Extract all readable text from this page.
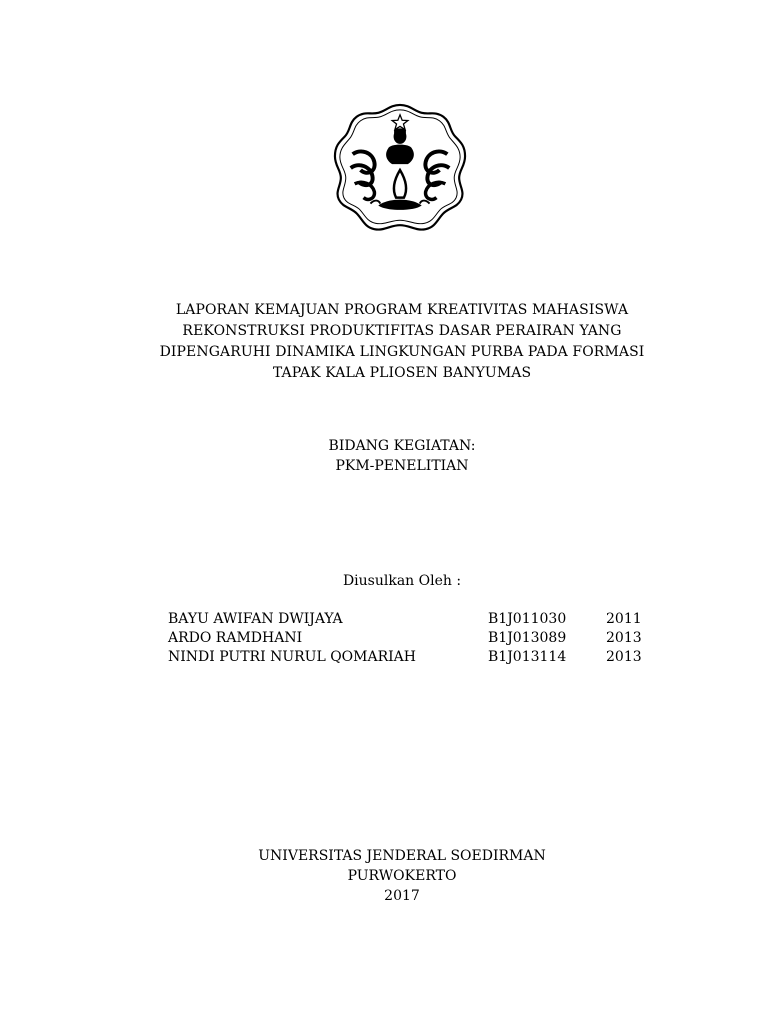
LAPORAN KEMAJUAN PROGRAM KREATIVITAS MAHASISWA
REKONSTRUKSI PRODUKTIFITAS DASAR PERAIRAN YANG
DIPENGARUHI DINAMIKA LINGKUNGAN PURBA PADA FORMASI
TAPAK KALA PLIOSEN BANYUMAS
BIDANG KEGIATAN:
PKM-PENELITIAN
Diusulkan Oleh :
BAYU AWIFAN DWIJAYA	B1J011030	2011
ARDO RAMDHANI	B1J013089	2013
NINDI PUTRI NURUL QOMARIAH	B1J013114	2013
UNIVERSITAS JENDERAL SOEDIRMAN
PURWOKERTO
2017
